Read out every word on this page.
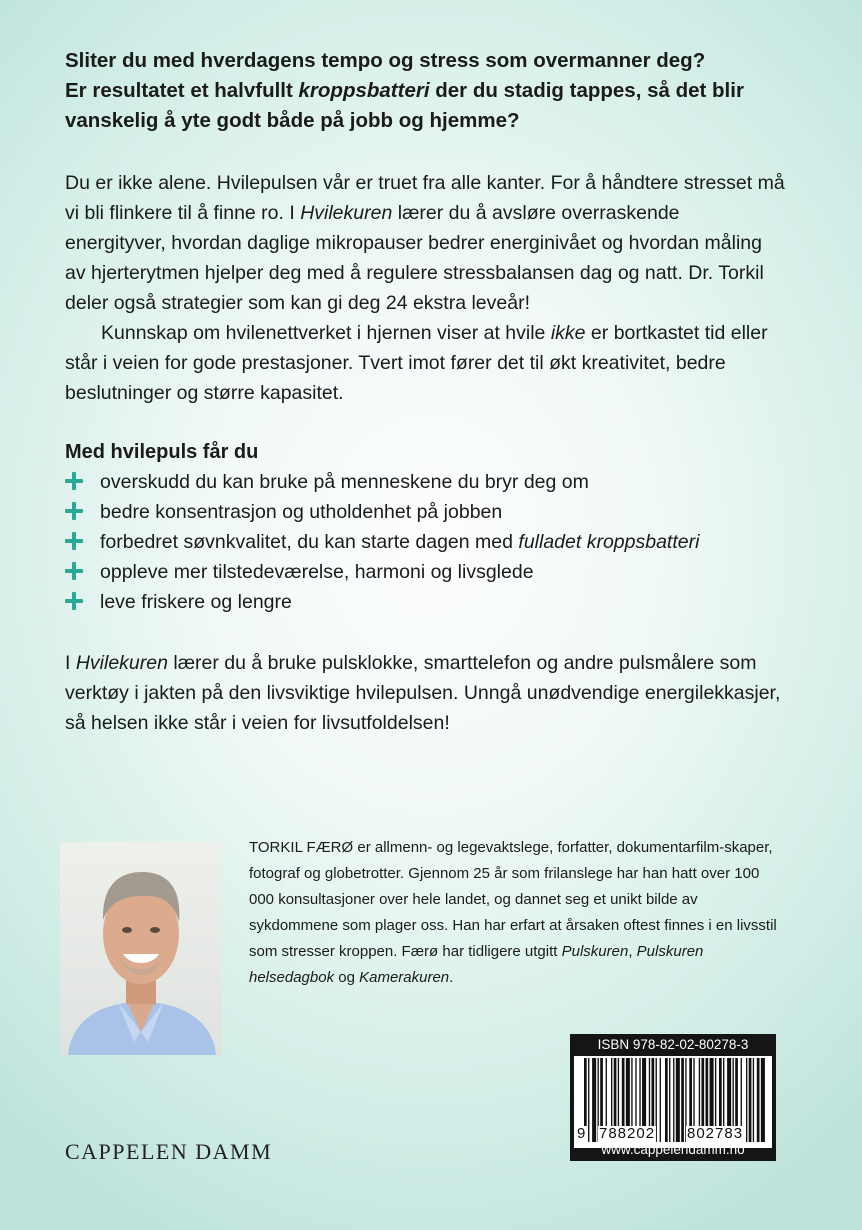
Sliter du med hverdagens tempo og stress som overmanner deg?

Er resultatet et halvfullt kroppsbatteri der du stadig tappes, så det blir

vanskelig å yte godt både på jobb og hjemme?

Du er ikke alene. Hvilepulsen vår er truet fra alle kanter. For å håndtere stresset må vi bli flinkere til å finne ro. I Hvilekuren lærer du å avsløre overraskende energityver, hvordan daglige mikropauser bedrer energinivået og hvordan måling av hjerterytmen hjelper deg med å regulere stressbalansen dag og natt. Dr. Torkil deler også strategier som kan gi deg 24 ekstra leveår!

Kunnskap om hvilenettverket i hjernen viser at hvile ikke er bortkastet tid eller står i veien for gode prestasjoner. Tvert imot fører det til økt kreativitet, bedre beslutninger og større kapasitet.

Med hvilepuls får du
overskudd du kan bruke på menneskene du bryr deg om
bedre konsentrasjon og utholdenhet på jobben
forbedret søvnkvalitet, du kan starte dagen med fulladet kroppsbatteri
oppleve mer tilstedeværelse, harmoni og livsglede
leve friskere og lengre

I Hvilekuren lærer du å bruke pulsklokke, smarttelefon og andre pulsmålere som verktøy i jakten på den livsviktige hvilepulsen. Unngå unødvendige energilekkasjer, så helsen ikke står i veien for livsutfoldelsen!

TORKIL FÆRØ er allmenn- og legevaktslege, forfatter, dokumentarfilm-skaper, fotograf og globetrotter. Gjennom 25 år som frilanslege har han hatt over 100 000 konsultasjoner over hele landet, og dannet seg et unikt bilde av sykdommene som plager oss. Han har erfart at årsaken oftest finnes i en livsstil som stresser kroppen. Færø har tidligere utgitt Pulskuren, Pulskuren helsedagbok og Kamerakuren.

ISBN 978-82-02-80278-3
9 788202 802783
www.cappelendamm.no
CAPPELEN DAMM
